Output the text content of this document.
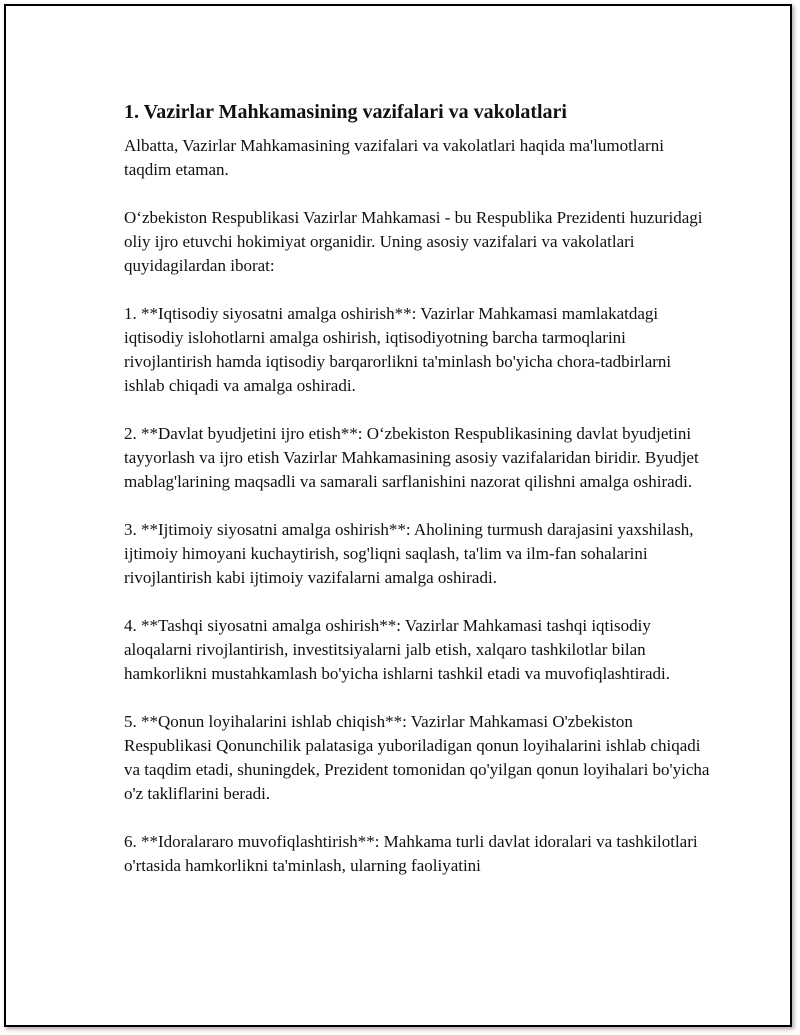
1. Vazirlar Mahkamasining vazifalari va vakolatlari

Albatta, Vazirlar Mahkamasining vazifalari va vakolatlari haqida ma'lumotlarni taqdim etaman.

O‘zbekiston Respublikasi Vazirlar Mahkamasi - bu Respublika Prezidenti huzuridagi oliy ijro etuvchi hokimiyat organidir. Uning asosiy vazifalari va vakolatlari quyidagilardan iborat:

1. **Iqtisodiy siyosatni amalga oshirish**: Vazirlar Mahkamasi mamlakatdagi iqtisodiy islohotlarni amalga oshirish, iqtisodiyotning barcha tarmoqlarini rivojlantirish hamda iqtisodiy barqarorlikni ta'minlash bo'yicha chora-tadbirlarni ishlab chiqadi va amalga oshiradi.

2. **Davlat byudjetini ijro etish**: O‘zbekiston Respublikasining davlat byudjetini tayyorlash va ijro etish Vazirlar Mahkamasining asosiy vazifalaridan biridir. Byudjet mablag'larining maqsadli va samarali sarflanishini nazorat qilishni amalga oshiradi.

3. **Ijtimoiy siyosatni amalga oshirish**: Aholining turmush darajasini yaxshilash, ijtimoiy himoyani kuchaytirish, sog'liqni saqlash, ta'lim va ilm-fan sohalarini rivojlantirish kabi ijtimoiy vazifalarni amalga oshiradi.

4. **Tashqi siyosatni amalga oshirish**: Vazirlar Mahkamasi tashqi iqtisodiy aloqalarni rivojlantirish, investitsiyalarni jalb etish, xalqaro tashkilotlar bilan hamkorlikni mustahkamlash bo'yicha ishlarni tashkil etadi va muvofiqlashtiradi.

5. **Qonun loyihalarini ishlab chiqish**: Vazirlar Mahkamasi O'zbekiston Respublikasi Qonunchilik palatasiga yuboriladigan qonun loyihalarini ishlab chiqadi va taqdim etadi, shuningdek, Prezident tomonidan qo'yilgan qonun loyihalari bo'yicha o'z takliflarini beradi.

6. **Idoralararo muvofiqlashtirish**: Mahkama turli davlat idoralari va tashkilotlari o'rtasida hamkorlikni ta'minlash, ularning faoliyatini
